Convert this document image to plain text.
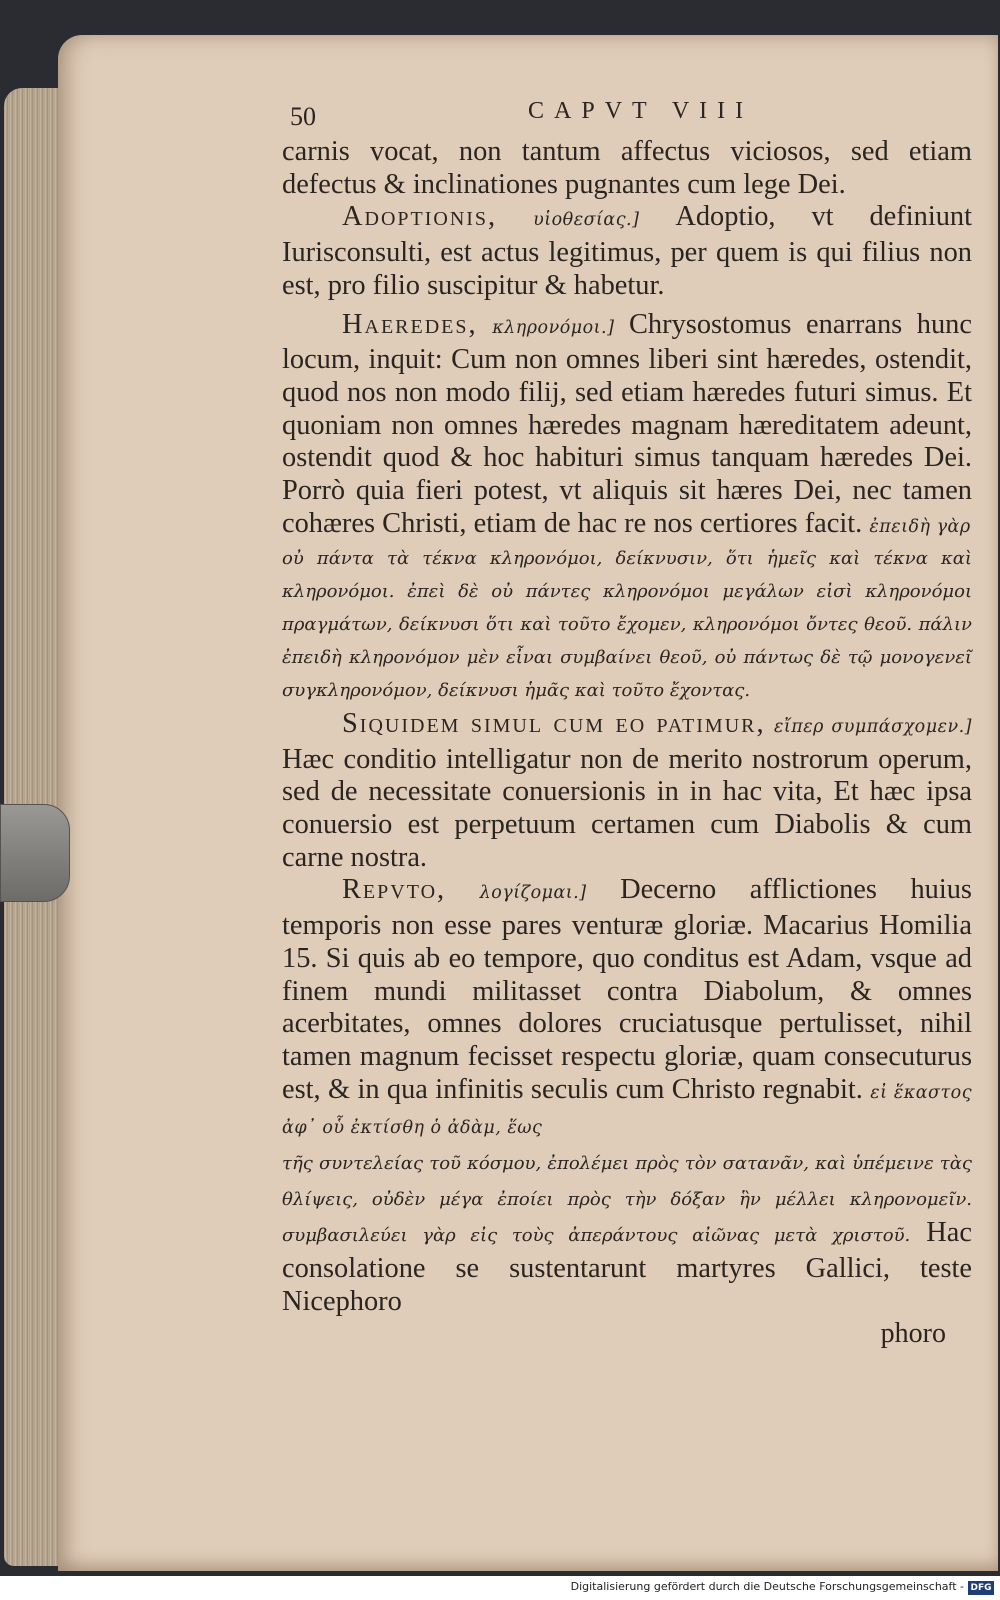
50	CAPVT VIII

carnis vocat, non tantum affectus viciosos, sed etiam defectus & inclinationes pugnantes cum lege Dei.

Adoptionis, υἱοθεσίας.] Adoptio, vt definiunt Iurisconsulti, est actus legitimus, per quem is qui filius non est, pro filio suscipitur & habetur.

Haeredes, κληρονόμοι.] Chrysostomus enarrans hunc locum, inquit: Cum non omnes liberi sint hæredes, ostendit, quod nos non modo filij, sed etiam hæredes futuri simus. Et quoniam non omnes hæredes magnam hæreditatem adeunt, ostendit quod & hoc habituri simus tanquam hæredes Dei. Porrò quia fieri potest, vt aliquis sit hæres Dei, nec tamen cohæres Christi, etiam de hac re nos certiores facit. ἐπειδὴ γὰρ

οὐ πάντα τὰ τέκνα κληρονόμοι, δείκνυσιν, ὅτι ἡμεῖς καὶ τέκνα καὶ κληρονόμοι. ἐπεὶ δὲ οὐ πάντες κληρονόμοι μεγάλων εἰσὶ κληρονόμοι πραγμάτων, δείκνυσι ὅτι καὶ τοῦτο ἔχομεν, κληρονόμοι ὄντες θεοῦ. πάλιν ἐπειδὴ κληρονόμον μὲν εἶναι συμβαίνει θεοῦ, οὐ πάντως δὲ τῷ μονογενεῖ συγκληρονόμον, δείκνυσι ἡμᾶς καὶ τοῦτο ἔχοντας.

Siquidem simul cum eo patimur, εἴπερ συμπάσχομεν.] Hæc conditio intelligatur non de merito nostrorum operum, sed de necessitate conuersionis in in hac vita, Et hæc ipsa conuersio est perpetuum certamen cum Diabolis & cum carne nostra.

Repvto, λογίζομαι.] Decerno afflictiones huius temporis non esse pares venturæ gloriæ. Macarius Homilia 15. Si quis ab eo tempore, quo conditus est Adam, vsque ad finem mundi militasset contra Diabolum, & omnes acerbitates, omnes dolores cruciatusque pertulisset, nihil tamen magnum fecisset respectu gloriæ, quam consecuturus est, & in qua infinitis seculis cum Christo regnabit. εἰ ἕκαστος ἀφ᾽ οὗ ἐκτίσθη ὁ ἀδὰμ, ἕως

τῆς συντελείας τοῦ κόσμου, ἐπολέμει πρὸς τὸν σατανᾶν, καὶ ὑπέμεινε τὰς θλίψεις, οὐδὲν μέγα ἐποίει πρὸς τὴν δόξαν ἣν μέλλει κληρονομεῖν. συμβασιλεύει γὰρ εἰς τοὺς ἀπεράντους αἰῶνας μετὰ χριστοῦ. Hac consolatione se sustentarunt martyres Gallici, teste Nicephoro

phoro

Digitalisierung gefördert durch die Deutsche Forschungsgemeinschaft - DFG
